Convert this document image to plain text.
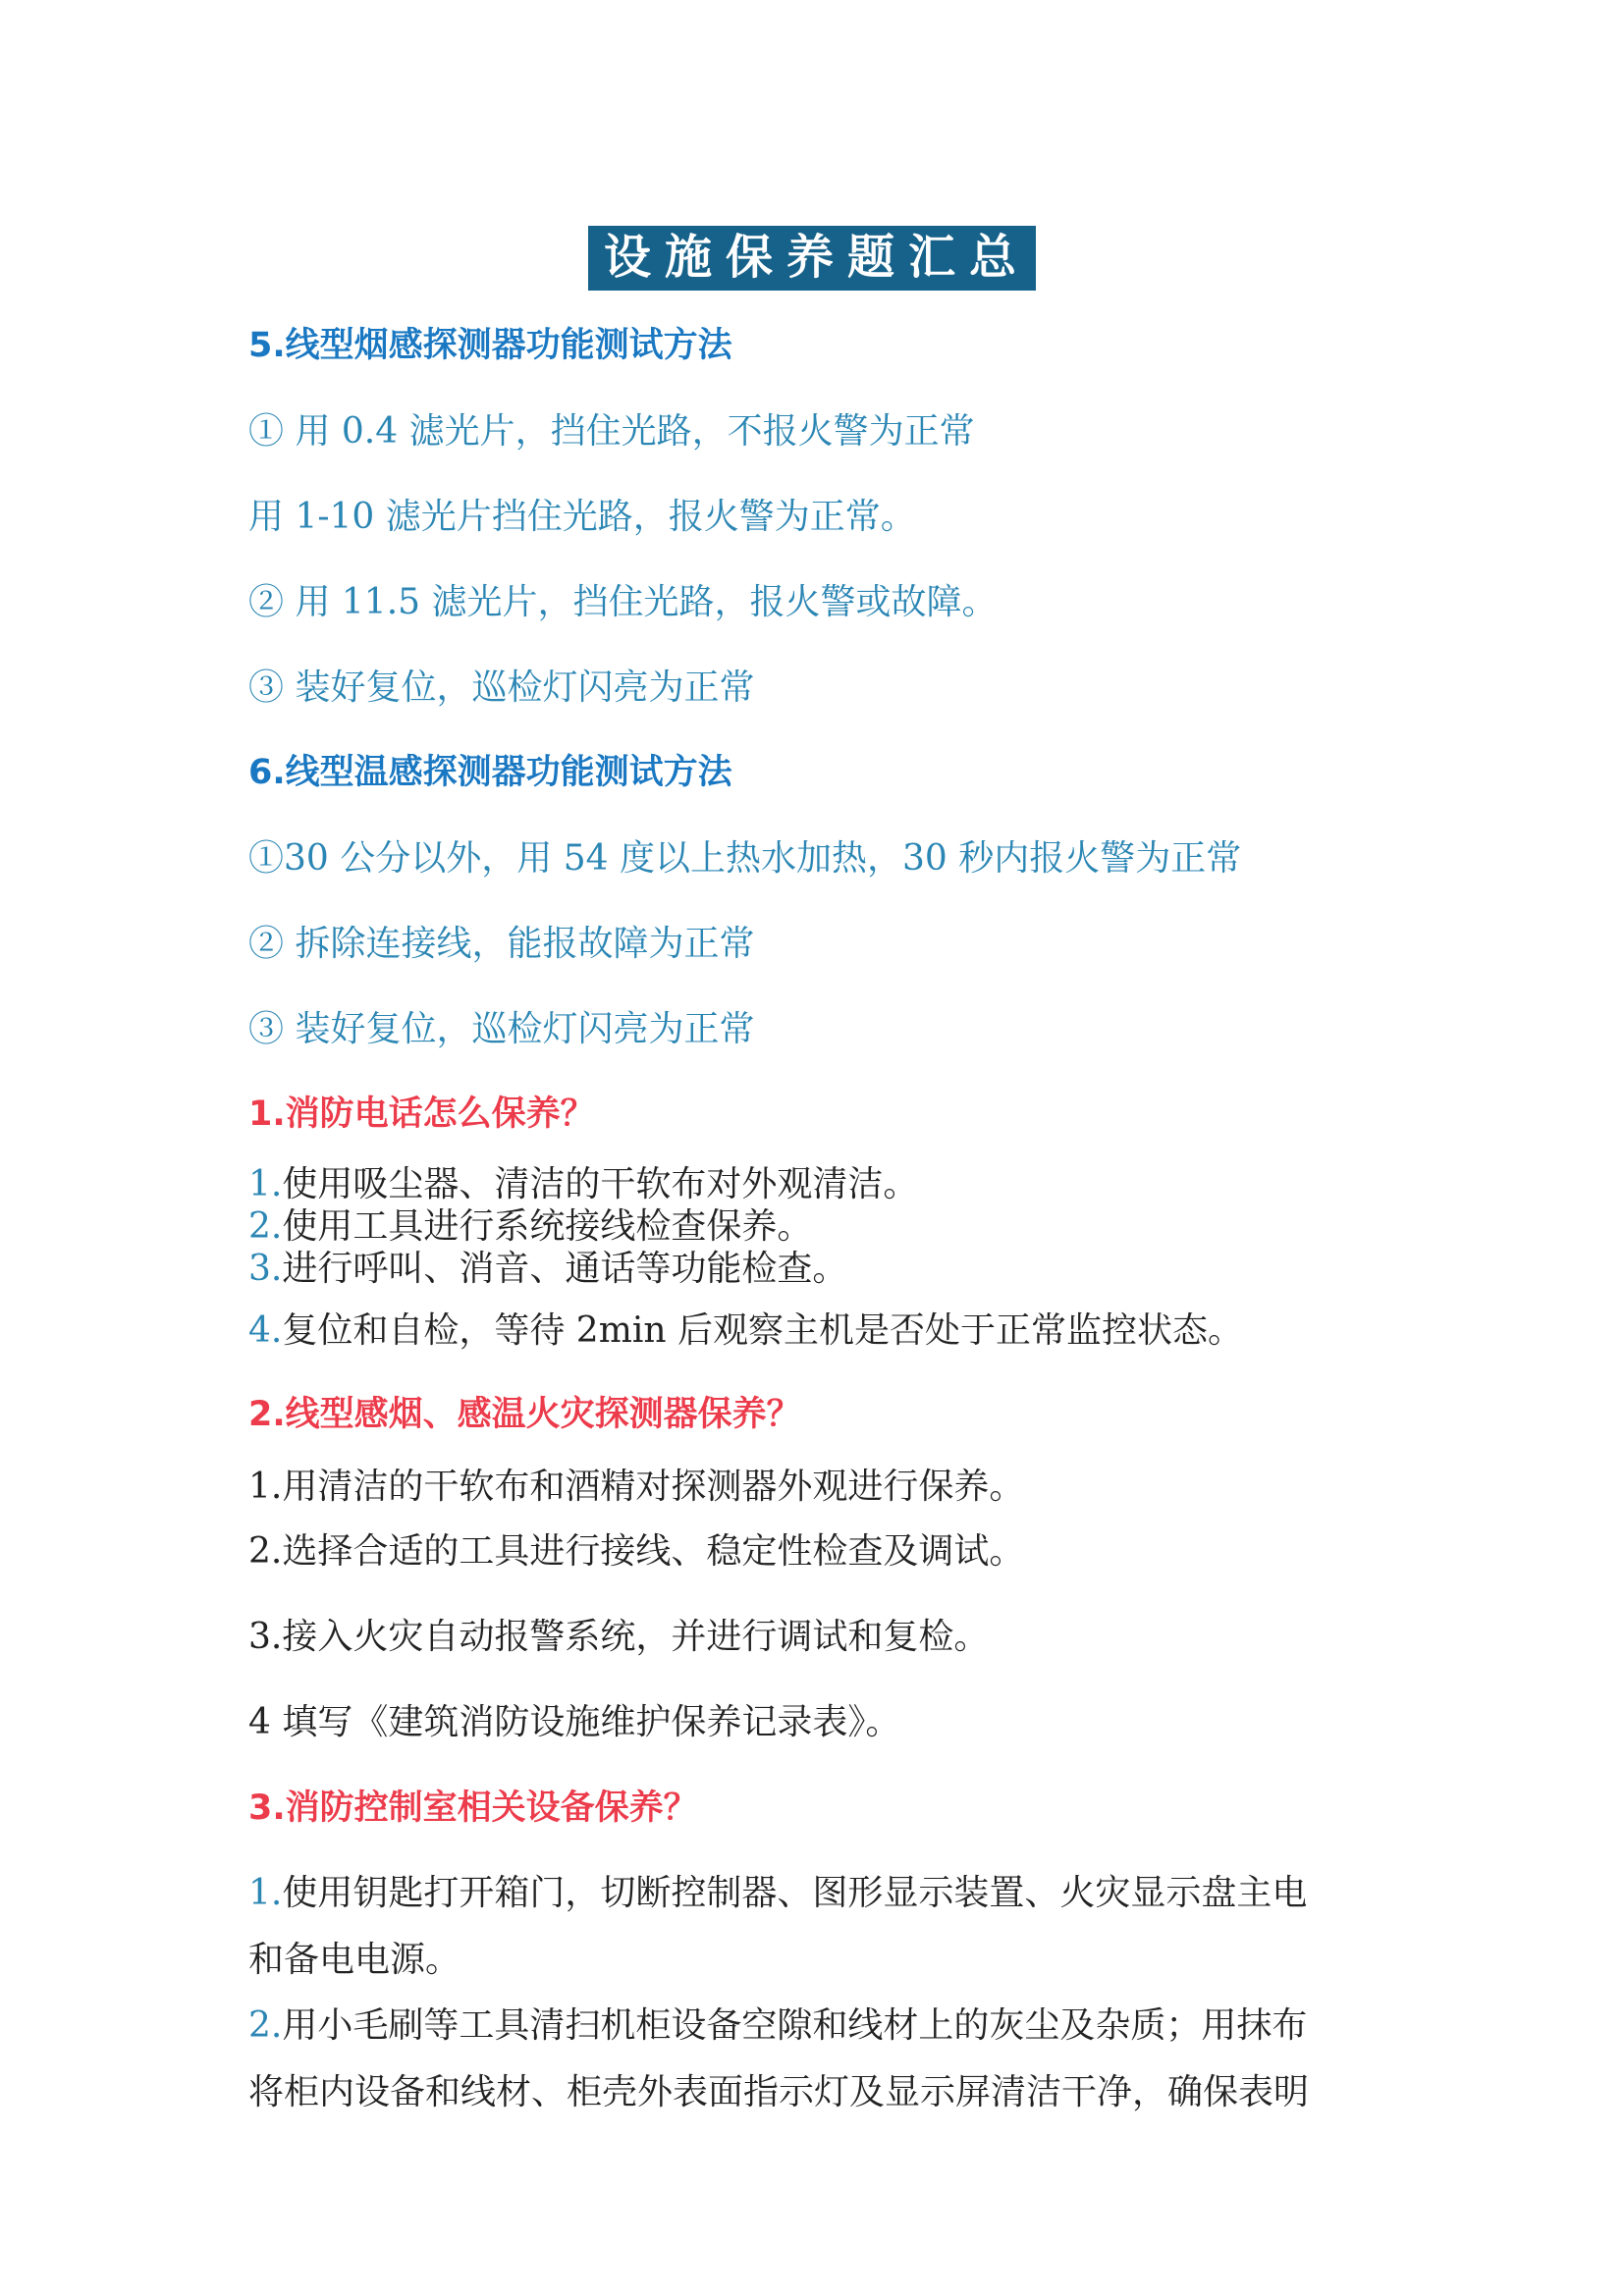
设施保养题汇总
5.线型烟感探测器功能测试方法
① 用 0.4 滤光片，挡住光路，不报火警为正常
用 1-10 滤光片挡住光路，报火警为正常。
② 用 11.5 滤光片，挡住光路，报火警或故障。
③ 装好复位，巡检灯闪亮为正常
6.线型温感探测器功能测试方法
①30 公分以外，用 54 度以上热水加热，30 秒内报火警为正常
② 拆除连接线，能报故障为正常
③ 装好复位，巡检灯闪亮为正常
1.消防电话怎么保养？
1.使用吸尘器、清洁的干软布对外观清洁。
2.使用工具进行系统接线检查保养。
3.进行呼叫、消音、通话等功能检查。
4.复位和自检，等待 2min 后观察主机是否处于正常监控状态。
2.线型感烟、感温火灾探测器保养？
1.用清洁的干软布和酒精对探测器外观进行保养。
2.选择合适的工具进行接线、稳定性检查及调试。
3.接入火灾自动报警系统，并进行调试和复检。
4 填写《建筑消防设施维护保养记录表》。
3.消防控制室相关设备保养？
1.使用钥匙打开箱门，切断控制器、图形显示装置、火灾显示盘主电
和备电电源。
2.用小毛刷等工具清扫机柜设备空隙和线材上的灰尘及杂质；用抹布
将柜内设备和线材、柜壳外表面指示灯及显示屏清洁干净，确保表明
